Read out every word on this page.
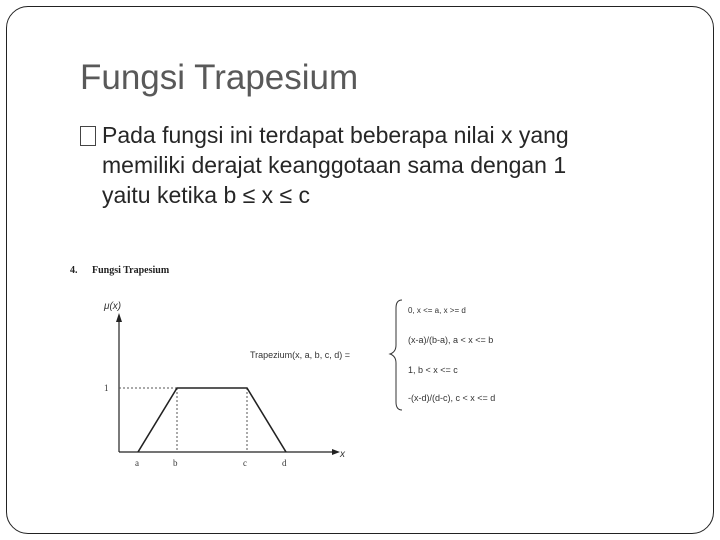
Fungsi Trapesium
Pada fungsi ini terdapat beberapa nilai x yang
memiliki derajat keanggotaan sama dengan 1
yaitu ketika b ≤ x ≤ c
4. Fungsi Trapesium
μ(x)
x
1
a	b	c	d
Trapezium(x, a, b, c, d) =
0, x <= a, x >= d
(x-a)/(b-a), a < x <= b
1, b < x <= c
-(x-d)/(d-c), c < x <= d
